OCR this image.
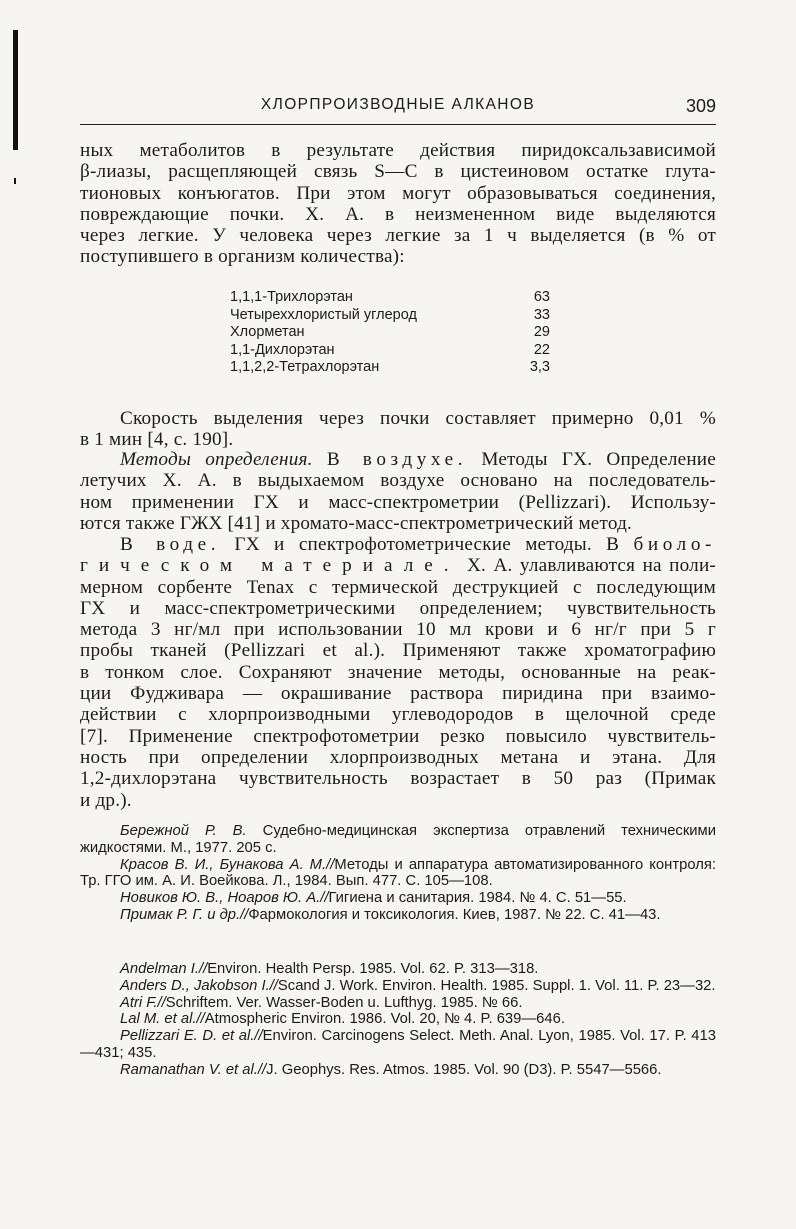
ХЛОРПРОИЗВОДНЫЕ АЛКАНОВ	309
ных метаболитов в результате действия пиридоксальзависимой
β-лиазы, расщепляющей связь S—С в цистеиновом остатке глута-
тионовых конъюгатов. При этом могут образовываться соединения,
повреждающие почки. Х. А. в неизмененном виде выделяются
через легкие. У человека через легкие за 1 ч выделяется (в % от
поступившего в организм количества):
1,1,1-Трихлорэтан	63
Четыреххлористый углерод	33
Хлорметан	29
1,1-Дихлорэтан	22
1,1,2,2-Тетрахлорэтан	3,3
Скорость выделения через почки составляет примерно 0,01 %
в 1 мин [4, с. 190].
Методы определения. В воздухе. Методы ГХ. Определение
летучих Х. А. в выдыхаемом воздухе основано на последователь-
ном применении ГХ и масс-спектрометрии (Pellizzari). Использу-
ются также ГЖХ [41] и хромато-масс-спектрометрический метод.
В воде. ГХ и спектрофотометрические методы. В биоло-
гическом материале. Х. А. улавливаются на поли-
мерном сорбенте Tenax с термической деструкцией с последующим
ГХ и масс-спектрометрическими определением; чувствительность
метода 3 нг/мл при использовании 10 мл крови и 6 нг/г при 5 г
пробы тканей (Pellizzari et al.). Применяют также хроматографию
в тонком слое. Сохраняют значение методы, основанные на реак-
ции Фудживара — окрашивание раствора пиридина при взаимо-
действии с хлорпроизводными углеводородов в щелочной среде
[7]. Применение спектрофотометрии резко повысило чувствитель-
ность при определении хлорпроизводных метана и этана. Для
1,2-дихлорэтана чувствительность возрастает в 50 раз (Примак
и др.).
Бережной Р. В. Судебно-медицинская экспертиза отравлений техническими жидкостями. М., 1977. 205 с.
Красов В. И., Бунакова А. М.//Методы и аппаратура автоматизированного контроля: Тр. ГГО им. А. И. Воейкова. Л., 1984. Вып. 477. С. 105—108.
Новиков Ю. В., Ноаров Ю. А.//Гигиена и санитария. 1984. № 4. С. 51—55.
Примак Р. Г. и др.//Фармокология и токсикология. Киев, 1987. № 22. С. 41—43.
Andelman I.//Environ. Health Persp. 1985. Vol. 62. P. 313—318.
Anders D., Jakobson I.//Scand J. Work. Environ. Health. 1985. Suppl. 1. Vol. 11. P. 23—32.
Atri F.//Schriftem. Ver. Wasser-Boden u. Lufthyg. 1985. № 66.
Lal M. et al.//Atmospheric Environ. 1986. Vol. 20, № 4. P. 639—646.
Pellizzari E. D. et al.//Environ. Carcinogens Select. Meth. Anal. Lyon, 1985. Vol. 17. P. 413—431; 435.
Ramanathan V. et al.//J. Geophys. Res. Atmos. 1985. Vol. 90 (D3). P. 5547—5566.
